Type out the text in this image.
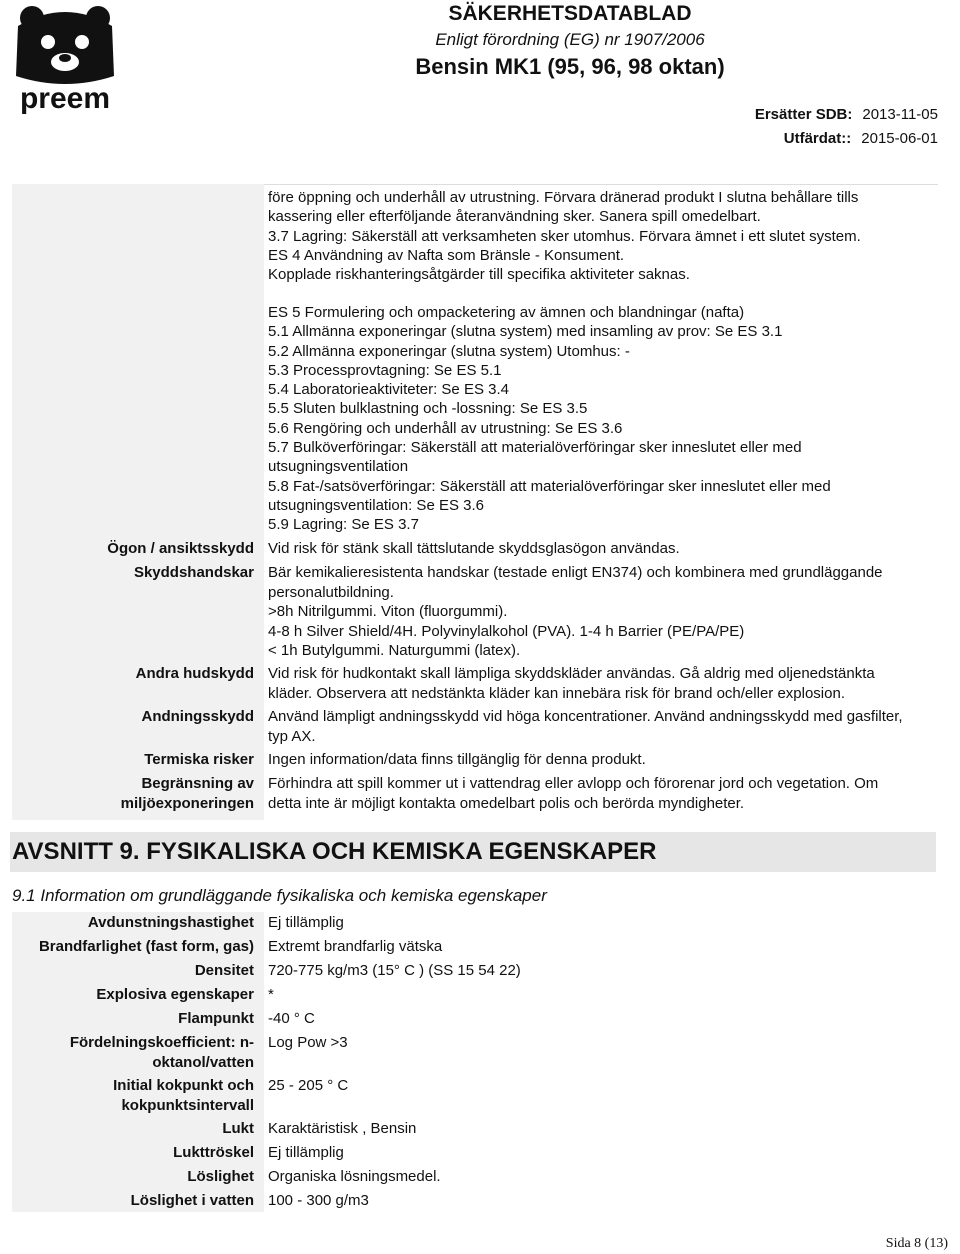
preem
SÄKERHETSDATABLAD
Enligt förordning (EG) nr 1907/2006
Bensin MK1 (95, 96, 98 oktan)
Ersätter SDB: 2013-11-05
Utfärdat:: 2015-06-01
före öppning och underhåll av utrustning. Förvara dränerad produkt I slutna behållare tills
kassering eller efterföljande återanvändning sker. Sanera spill omedelbart.
3.7 Lagring: Säkerställ att verksamheten sker utomhus. Förvara ämnet i ett slutet system.
ES 4 Användning av Nafta som Bränsle - Konsument.
Kopplade riskhanteringsåtgärder till specifika aktiviteter saknas.
ES 5 Formulering och ompacketering av ämnen och blandningar (nafta)
5.1 Allmänna exponeringar (slutna system) med insamling av prov: Se ES 3.1
5.2 Allmänna exponeringar (slutna system) Utomhus: -
5.3 Processprovtagning: Se ES 5.1
5.4 Laboratorieaktiviteter: Se ES 3.4
5.5 Sluten bulklastning och -lossning: Se ES 3.5
5.6 Rengöring och underhåll av utrustning: Se ES 3.6
5.7 Bulköverföringar: Säkerställ att materialöverföringar sker inneslutet eller med
utsugningsventilation
5.8 Fat-/satsöverföringar: Säkerställ att materialöverföringar sker inneslutet eller med
utsugningsventilation: Se ES 3.6
5.9 Lagring: Se ES 3.7
Ögon / ansiktsskydd Vid risk för stänk skall tättslutande skyddsglasögon användas.
Skyddshandskar Bär kemikalieresistenta handskar (testade enligt EN374) och kombinera med grundläggande
personalutbildning.
>8h Nitrilgummi. Viton (fluorgummi).
4-8 h Silver Shield/4H. Polyvinylalkohol (PVA). 1-4 h Barrier (PE/PA/PE)
< 1h Butylgummi. Naturgummi (latex).
Andra hudskydd Vid risk för hudkontakt skall lämpliga skyddskläder användas. Gå aldrig med oljenedstänkta
kläder. Observera att nedstänkta kläder kan innebära risk för brand och/eller explosion.
Andningsskydd Använd lämpligt andningsskydd vid höga koncentrationer. Använd andningsskydd med gasfilter,
typ AX.
Termiska risker Ingen information/data finns tillgänglig för denna produkt.
Begränsning av
miljöexponeringen
Förhindra att spill kommer ut i vattendrag eller avlopp och förorenar jord och vegetation. Om
detta inte är möjligt kontakta omedelbart polis och berörda myndigheter.
AVSNITT 9. FYSIKALISKA OCH KEMISKA EGENSKAPER
9.1 Information om grundläggande fysikaliska och kemiska egenskaper
Avdunstningshastighet Ej tillämplig
Brandfarlighet (fast form, gas) Extremt brandfarlig vätska
Densitet 720-775 kg/m3 (15° C ) (SS 15 54 22)
Explosiva egenskaper *
Flampunkt -40 ° C
Fördelningskoefficient: n-
oktanol/vatten
Log Pow >3
Initial kokpunkt och
kokpunktsintervall
25 - 205 ° C
Lukt Karaktäristisk , Bensin
Lukttröskel Ej tillämplig
Löslighet Organiska lösningsmedel.
Löslighet i vatten 100 - 300 g/m3
Sida 8 (13)
